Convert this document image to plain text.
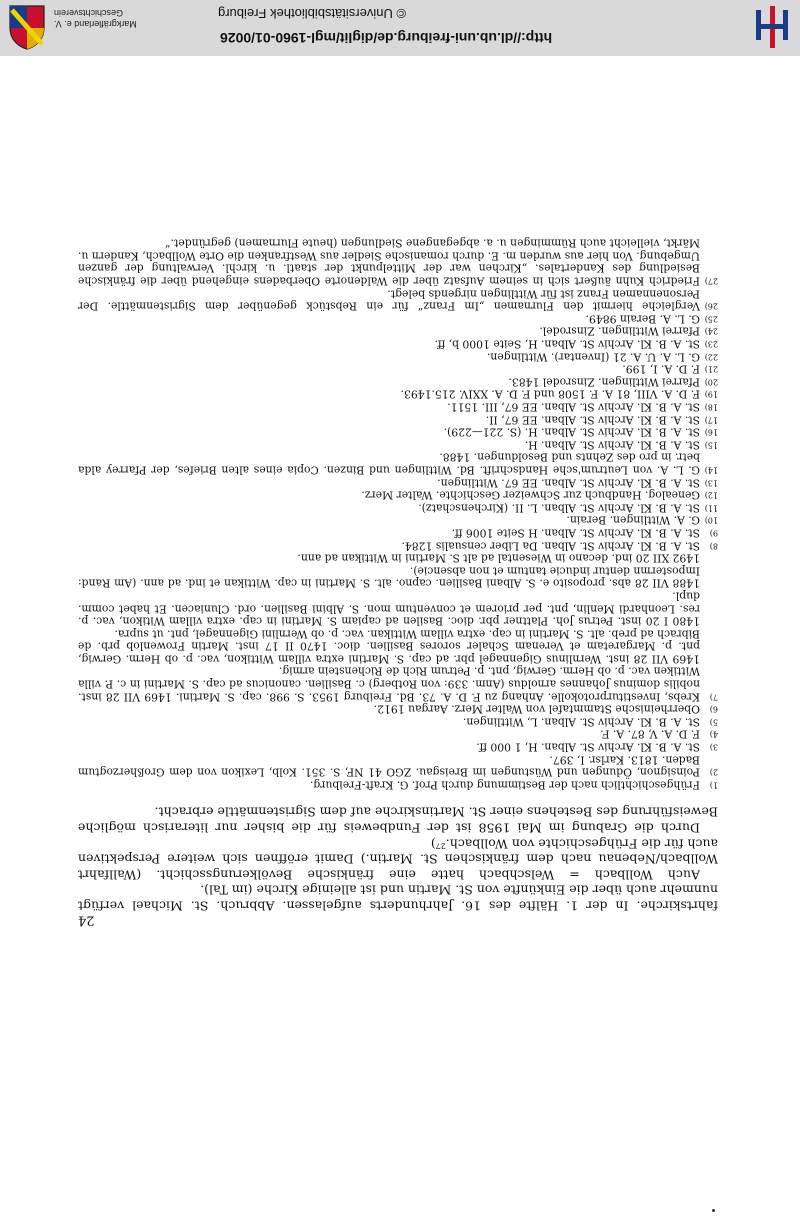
Markgräflerland e. V.
Geschichtsverein	© Universitätsbibliothek Freiburg
http://dl.ub.uni-freiburg.de/diglit/mgl-1960-01/0026
24

fahrtskirche. In der 1. Hälfte des 16. Jahrhunderts aufgelassen. Abbruch. St. Michael verfügt nunmehr auch über die Einkünfte von St. Martin und ist alleinige Kirche (im Tal).

Auch Wollbach = Welschbach hatte eine fränkische Bevölkerungsschicht. (Wallfahrt Wollbach/Nebenau nach dem fränkischen St. Martin.) Damit eröffnen sich weitere Perspektiven auch für die Frühgeschichte von Wollbach.²⁷)

Durch die Grabung im Mai 1958 ist der Fundbeweis für die bisher nur literarisch mögliche Beweisführung des Bestehens einer St. Martinskirche auf dem Sigristenmättle erbracht.

1)
Frühgeschichtlich nach der Bestimmung durch Prof. G. Kraft-Freiburg.
2)
Poinsignon, Ödungen und Wüstungen im Breisgau. ZGO 41 NF, S. 351. Kolb, Lexikon von dem Großherzogtum Baden. 1813. Karlsr. I, 397.
3)
St. A. B. Kl. Archiv St. Alban. H, 1 000 ff.
4)
F. D. A. V, 87. A. F.
5)
St. A. B. Kl. Archiv St. Alban. L, Wittlingen.
6)
Oberrheinische Stammtafel von Walter Merz. Aargau 1912.
7)
Krebs, Investiturprotokolle. Anhang zu F. D. A. 73. Bd. Freiburg 1953. S. 998. cap. S. Martini. 1469 VII 28 inst. nobilis dominus Johannes arnoldus (Anm. 339: von Rotberg) c. Basilien. canonicus ad cap. S. Martini in c. P. villa Wittiken vac. p. ob Herm. Gerwig, pnt. p. Petrum Rich de Richenstein armig.
1469 VII 28 inst. Wernlinus Gigennagel pbr. ad cap. S. Martini extra villam Wittikon, vac. p. ob Herm. Gerwig, pnt. p. Margaretam et Verenam Schaler sorores Basilien. dioc. 1470 II 17 inst. Martin Frowenlob prb. de Bibrach ad preb. alt. S. Martini in cap. extra villam Wittikan. vac. p. ob Wernlini Gigennagel, pnt. ut supra.
1480 I 20 inst. Petrus Joh. Plattner pbr. dioc. Basilen ad capiam S. Martini in cap. extra villam Witikon, vac. p. res. Leonhardi Menlin, pnt. per priorem et conventum mon. S. Albini Basilien. ord. Cluniacen. Et habet comm. dupl.
1488 VII 28 abs. proposito e. S. Albani Basilien. capno. alt. S. Martini in cap. Wittikan et ind. ad ann. (Am Rand: Impostermn dentur inducie tantum et non absencie).
1492 XII 20 ind. decano in Wiesental ad alt S. Martini in Wittikan ad ann.
8)
St. A. B. Kl. Archiv St. Alban. Da Liber censualis 1284.
9)
St. A. B. Kl. Archiv St. Alban. H Seite 1006 ff.
10)
G. A. Wittlingen. Berain.
11)
St. A. B. Kl. Archiv St. Alban. L. II. (Kirchenschatz).
12)
Genealog. Handbuch zur Schweizer Geschichte. Walter Merz.
13)
St. A. B. Kl. Archiv St. Alban. EE 67. Wittlingen.
14)
G. L. A. von Leutrum'sche Handschrift. Bd. Wittlingen und Binzen. Copia eines alten Briefes, der Pfarrey alda betr. in pro des Zehnts und Besoldungen. 1488.
15)
St. A. B. Kl. Archiv St. Alban. H.
16)
St. A. B. Kl. Archiv St. Alban. H. (S. 221—229).
17)
St. A. B. Kl. Archiv St. Alban. EE 67, II.
18)
St. A. B. Kl. Archiv St. Alban. EE 67, III. 1511.
19)
F. D. A. VIII, 81 A. F. 1508 und F. D. A. XXIV. 215.1493.
20)
Pfarrei Wittlingen. Zinsrodel 1483.
21)
F. D. A. I, 199.
22)
G. L. A. U. A. 21 (Inventar). Wittlingen.
23)
St. A. B. Kl. Archiv St. Alban. H, Seite 1000 b, ff.
24)
Pfarrei Wittlingen. Zinsrodel.
25)
G. L. A. Berain 9849.
26)
Vergleiche hiermit den Flurnamen „Im Franz“ für ein Rebstück gegenüber dem Sigristenmättle. Der Personennamen Franz ist für Wittlingen nirgends belegt.
27)
Friedrich Kuhn äußert sich in seinem Aufsatz über die Waldenorte Oberbadens eingehend über die fränkische Besiedlung des Kandertales. „Kirchen war der Mittelpunkt der staatl. u. kirchl. Verwaltung der ganzen Umgebung. Von hier aus wurden m. E. durch romanische Siedler aus Westfranken die Orte Wollbach, Kandern u. Märkt, vielleicht auch Rümmingen u. a. abgegangene Siedlungen (heute Flurnamen) gegründet.“
